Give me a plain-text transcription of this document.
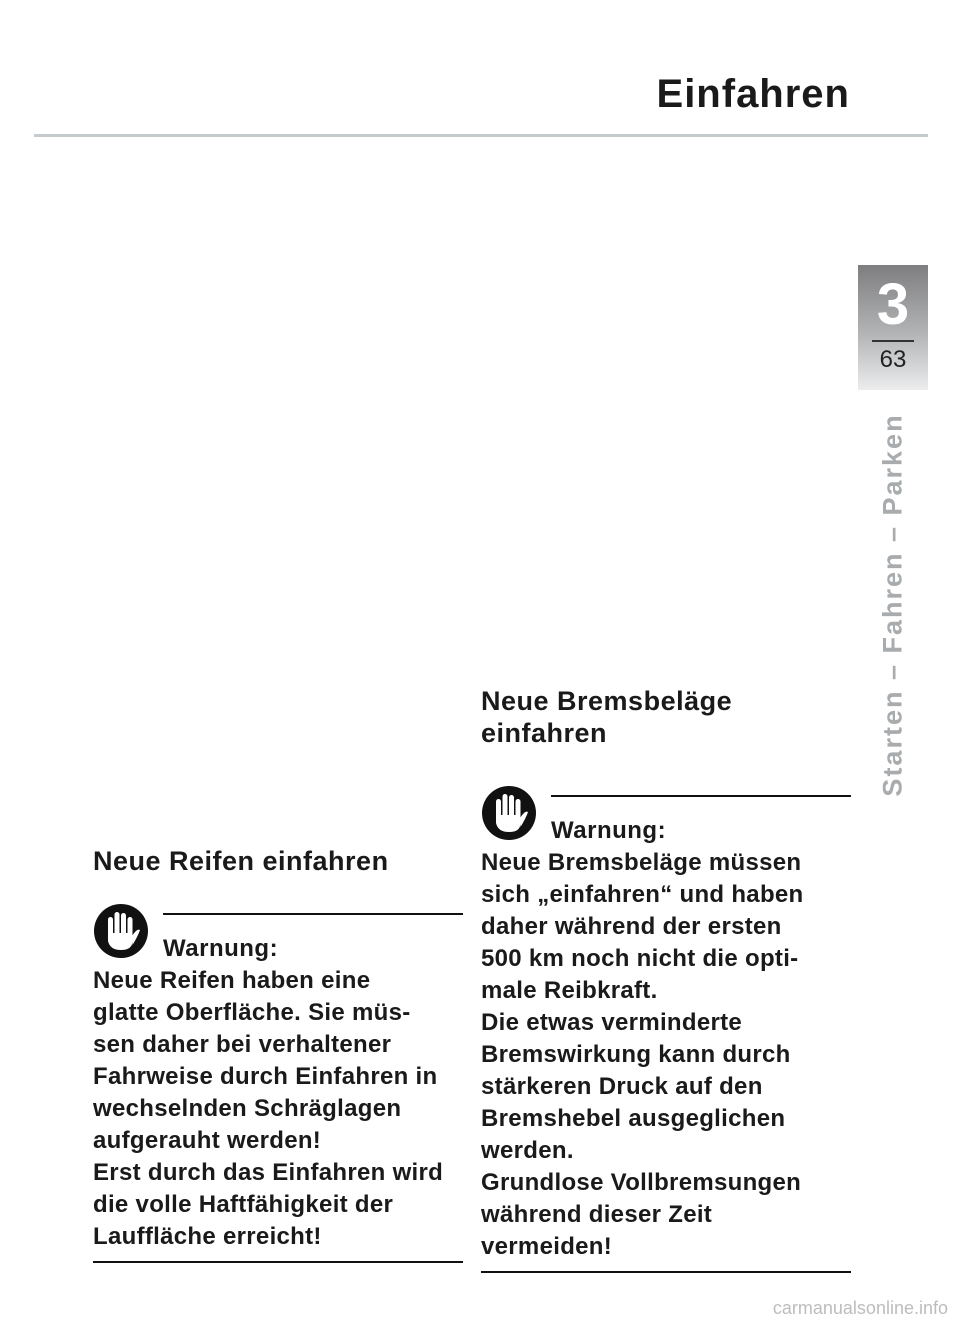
Einfahren
3
63
Starten – Fahren – Parken
Neue Reifen einfahren
Warnung:

Neue Reifen haben eine
glatte Oberfläche. Sie müs-
sen daher bei verhaltener
Fahrweise durch Einfahren in
wechselnden Schräglagen
aufgerauht werden!
Erst durch das Einfahren wird
die volle Haftfähigkeit der
Lauffläche erreicht!

Neue Bremsbeläge
einfahren
Warnung:

Neue Bremsbeläge müssen
sich „einfahren“ und haben
daher während der ersten
500 km noch nicht die opti-
male Reibkraft.
Die etwas verminderte
Bremswirkung kann durch
stärkeren Druck auf den
Bremshebel ausgeglichen
werden.
Grundlose Vollbremsungen
während dieser Zeit
vermeiden!

carmanualsonline.info
